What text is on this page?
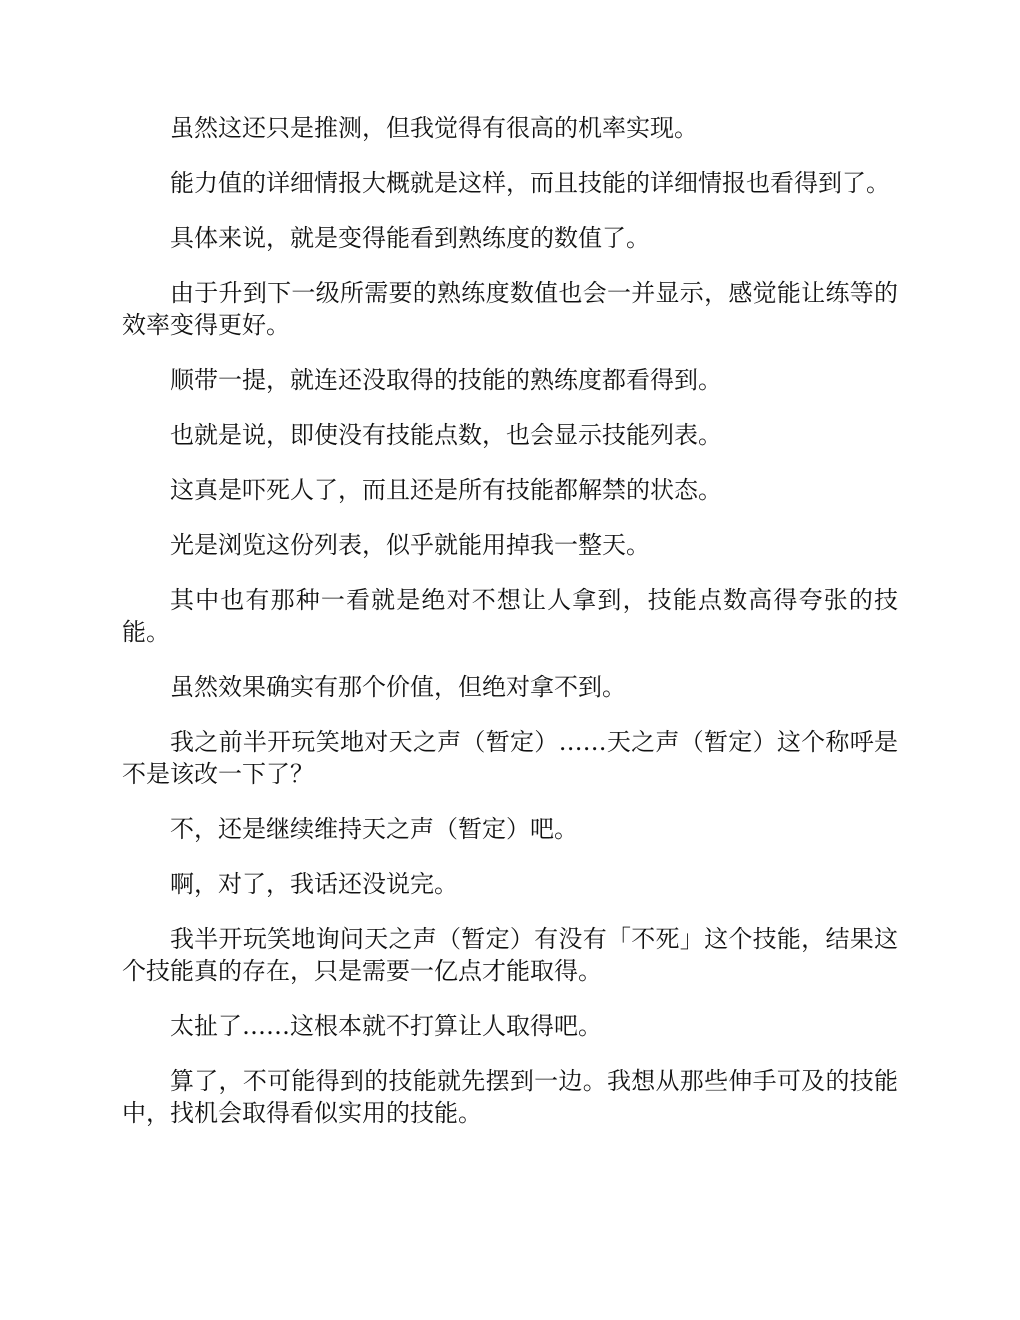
虽然这还只是推测，但我觉得有很高的机率实现。

能力值的详细情报大概就是这样，而且技能的详细情报也看得到了。

具体来说，就是变得能看到熟练度的数值了。

由于升到下一级所需要的熟练度数值也会一并显示，感觉能让练等的效率变得更好。

顺带一提，就连还没取得的技能的熟练度都看得到。

也就是说，即使没有技能点数，也会显示技能列表。

这真是吓死人了，而且还是所有技能都解禁的状态。

光是浏览这份列表，似乎就能用掉我一整天。

其中也有那种一看就是绝对不想让人拿到，技能点数高得夸张的技能。

虽然效果确实有那个价值，但绝对拿不到。

我之前半开玩笑地对天之声（暂定）……天之声（暂定）这个称呼是不是该改一下了？

不，还是继续维持天之声（暂定）吧。

啊，对了，我话还没说完。

我半开玩笑地询问天之声（暂定）有没有「不死」这个技能，结果这个技能真的存在，只是需要一亿点才能取得。

太扯了……这根本就不打算让人取得吧。

算了，不可能得到的技能就先摆到一边。我想从那些伸手可及的技能中，找机会取得看似实用的技能。
